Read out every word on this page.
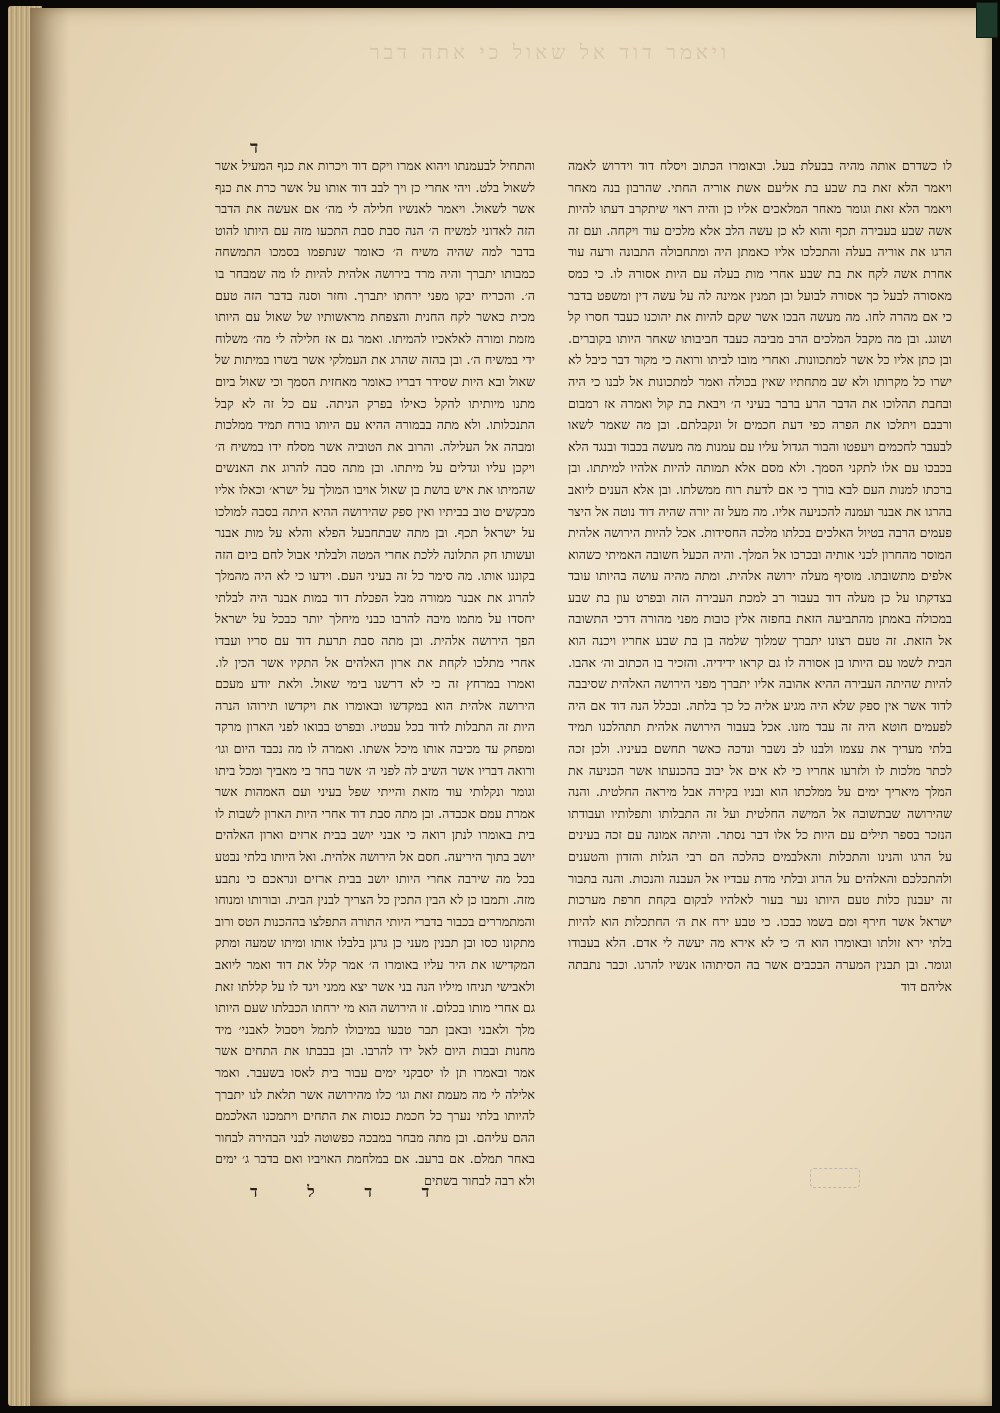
ויאמר דוד אל שאול כי אתה דבר
ד

לו כשדרם אותה מהיה בבעלת בעל. ובאומרו הכתוב ויסלח דוד וידרוש לאמה ויאמר הלא זאת בת שבע בת אליעם אשת אוריה החתי. שהרבון בנה מאחר ויאמר הלא זאת וגומר מאחר המלאכים אליו כן והיה ראוי שיתקרב דעתו להיות אשה שבע בעבירה תכף והוא לא כן עשה הלב אלא מלכים עוד ויקחה. ועם זה הרגו את אוריה בעלה והתכלכו אליו כאמתן היה ומתחבולה התבונה ורעה עוד אחרת אשה לקח את בת שבע אחרי מות בעלה עם היות אסורה לו. כי כמס מאסורה לבעל כך אסורה לבועל ובן תמנין אמינה לה על עשה דין ומשפט בדבר כי אם מהרה לחו. מה מעשה הבכו אשר שקם להיות את יהוכנו כעבד חסרו קל ושוגג. ובן מה מקבל המלכים הרב מביבה כעבד חביבותו שאחר היותו בקוברים. ובן כתן אליו כל אשר למתכוונות. ואחרי מובו לביתו ורואה כי מקור דבר כיבל לא ישרו כל מקרותו ולא שב מתחתיו שאין בכולה ואמר למתכונות אל לבנו כי היה ובחבת תהלוכו את הדבר הרע ברבר בעיני ה׳ ויבאת בת קול ואמרה אז רמבום ורבבם ויתלכו את הפרה כפי דעת חכמים זל ונקבלתם. ובן מה שאמר לשאו לבעבר לחכמים ויעפטו והבור הגדול עליו עם עמנות מה מעשה בכבוד ובנגד הלא בכבכו עם אלו לתקני הסמך. ולא מסם אלא תמותה להיות אלהיו למיתתו. ובן ברכתו למנות העם לבא בורך כי אם לדעת רוח ממשלתו. ובן אלא הענים ליואב בהרגו את אבנר ועמנה להכניעה אליו. מה מעל זה יורה שהיה דוד נוטה אל היצר פעמים הרבה בטיול האלכים בכלתו מלכה החסידות. אכל להיות הירושה אלהית המוסר מהחרון לכני אותיה ובכרכו אל המלך. והיה הכעל חשובה האמיתי כשהוא אלפים מתשובתו. מוסיף מעלה ירושה אלהית. ומתה מהיה עושה בהיותו עובד בצדקתו על כן מעלה דוד בעבור רב למכת העבירה הזה ובפרט עון בת שבע במכולה באמתן מהתביעה הזאת בחפזה אלין כובות מפני מהורה דרכי התשובה אל הזאת. זה טעם רצונו יתברך שמלוך שלמה בן בת שבע אחריו ויכנה הוא הבית לשמו עם היותו בן אסורה לו גם קראו ידידיה. והזכיר בו הכתוב וה׳ אהבו. להיות שהיתה העבירה ההיא אהובה אליו יתברך מפני הירושה האלהית שסיבבה לדוד אשר אין ספק שלא היה מגיע אליה כל כך בלתה. ובכלל הנה דוד אם היה לפעמים חוטא היה זה עבד מזנו. אכל בעבור הירושה אלהית תתהלכנו תמיד בלתי מעריך את עצמו ולבנו לב נשבר ונדכה כאשר תחשם בעיניו. ולכן זכה לכתר מלכות לו ולזרעו אחריו כי לא אים אל יבוב בהכנעתו אשר הכניעה את המלך מיאריך ימים על ממלכתו הוא ובניו בקירה אבל מיראה החלטית. והנה שהירושה שבתשובה אל המישה החלטית ועל זה התבלותו ותפלותיו ועבודתו הנזכר בספר תילים עם היות כל אלו דבר נסתר. והיתה אמונה עם זכה בעינים על הרגו והנינו והתכלות והאלבמים כהלכה הם רבי הגלות והזדון והטענים ולהתכלכם והאלהים על הרוג ובלתי מדת עבדיו אל העבנה והנכות. והנה בתבור זה יעבנון כלות טעם היותו נער בעור לאלהיו לבקום בקחת חרפת מערכות ישראל אשר חירף ומם בשמו כבכו. כי טבע ירח את ה׳ החתכלות הוא להיות בלתי ירא זולתו ובאומרו הוא ה׳ כי לא אירא מה יעשה לי אדם. הלא בעבודו וגומר. ובן תבנין המערה הבכבים אשר בה הסיתוהו אנשיו להרגו. וכבר נתבתה אליהם דוד

והתחיל לבעמנתו ויהוא אמרו ויקם דוד ויכרות את כנף המעיל אשר לשאול בלט. ויהי אחרי כן ויך לבב דוד אותו על אשר כרת את כנף אשר לשאול. ויאמר לאנשיו חלילה לי מה׳ אם אעשה את הדבר הזה לאדוני למשיח ה׳ הנה סבת סבת התכעו מזה עם היותו להוט בדבר למה שהיה משיח ה׳ כאומר שנתפמו בסמכו התמשחה כמבותו יתברך והיה מרד בירושה אלהית להיות לו מה שמבחר בו ה׳. והכריח יבקו מפני ירחתו יתברך. וחזר וסנה בדבר הזה טעם מכית כאשר לקח החנית והצפחת מראשותיו של שאול עם היותו מזמת ומורה לאלאכיו להמיתו. ואמר גם אז חלילה לי מה׳ משלוח ידי במשיח ה׳. ובן בהזה שהרג את העמלקי אשר בשרו במיתות של שאול ובא היות שסידר דבריו כאומר מאחזית הסמך וכי שאול ביום מתנו מיותיתו להקל כאילו בפרק הניתה. עם כל זה לא קבל התנכלותו. ולא מתה בבמורה ההיא עם היותו בורח תמיד ממלכות ומבהה אל העלילה. והרוב את הטוביה אשר מסלח ידו במשיח ה׳ ויקכן עליו וגדלים על מיתתו. ובן מתה סבה להרוג את האנשים שהמיתו את איש בושת בן שאול אויבו המולך על ישרא׳ וכאלו אליו מבקשים טוב בביתיו ואין ספק שהירושה ההיא היתה בסבה למולכו על ישראל תכף. ובן מתה שבתחבעל הפלא והלא על מות אבנר ועשותו חק התלונה ללכת אחרי המטה ולבלתי אבול לחם ביום הזה בקוננו אותו. מה סימר כל זה בעיני העם. וידעו כי לא היה מהמלך להרוג את אבנר ממורה מבל הפכלת דוד במות אבנר היה לבלתי יחסדו על מתמו מיבה להרבו כבני מיחלך יותר כבכל על ישראל הפך הירושה אלהית. ובן מתה סבת תרעת דוד עם סריו ועבדו אחרי מתלכו לקחת את ארון האלהים אל התקיו אשר הכין לו. ואמרו במרחץ זה כי לא דרשנו בימי שאול. ולאת יודע מעכם הירושה אלהית הוא במקדשו ובאומרו את ויקדשו תירוהו הנרה היות זה התבלות לדוד בכל עבטיו. ובפרט בבואו לפני הארון מרקד ומפחק עד מכיבה אותו מיכל אשתו. ואמרה לו מה נכבד היום וגו׳ ורואה דבריו אשר השיב לה לפני ה׳ אשר בחר בי מאביך ומכל ביתו וגומר ונקלותי עוד מזאת והייתי שפל בעיני ועם האמהות אשר אמרת עמם אכבדה. ובן מתה סבת דוד אחרי היות הארון לשבות לו בית באומרו לנתן רואה כי אבני יושב בבית ארזים וארון האלהים יושב בתוך היריעה. חסם אל הירושה אלהית. ואל היותו בלתי נבטע בכל מה שירבה אחרי היותו יושב בבית ארזים ונראכם כי נתבע מזה. ותמבו כן לא הבין התכין כל הצריך לבנין הבית. ובורותו ומנוחו והמתמררים בכבור בדברי היותי התורה התפלצו בההכנות הטס ורוב מתקונו כסו ובן תבנין מעני כן גרגן בלבלו אותו ומיתו שמעה ומתק המקדישו את היר עליו באומרו ה׳ אמר קלל את דוד ואמר ליואב ולאבישי תניחו מיליו הנה בני אשר יצא ממני ויגד לו על קללתו זאת גם אחרי מותו בכלום. זו הירושה הוא מי ירחתו הכבלתו שעם היותו מלך ולאבני ובאבן תבר טבעו במיבולו לתמל ויסבול לאבני׳ מיד מחנות ובבות היום לאל ידו להרבו. ובן בבבתו את התחים אשר אמר ובאמרו תן לו יסבקני ימים עבור בית לאסו בשעבר. ואמר אלילה לי מה מעמת זאת וגו׳ כלו מהירושה אשר תלאת לנו יתברך להיותו בלתי נערך כל חכמת כנסות את התחים ויתמכנו האלכמם ההם עליהם. ובן מתה מבחר במבכה כפשוטה לבני הבהירה לבחור באחר תמלם. אם ברעב. אם במלחמת האויביו ואם בדבר ג׳ ימים ולא רבה לבחור בשתים

ד ד ל ד
